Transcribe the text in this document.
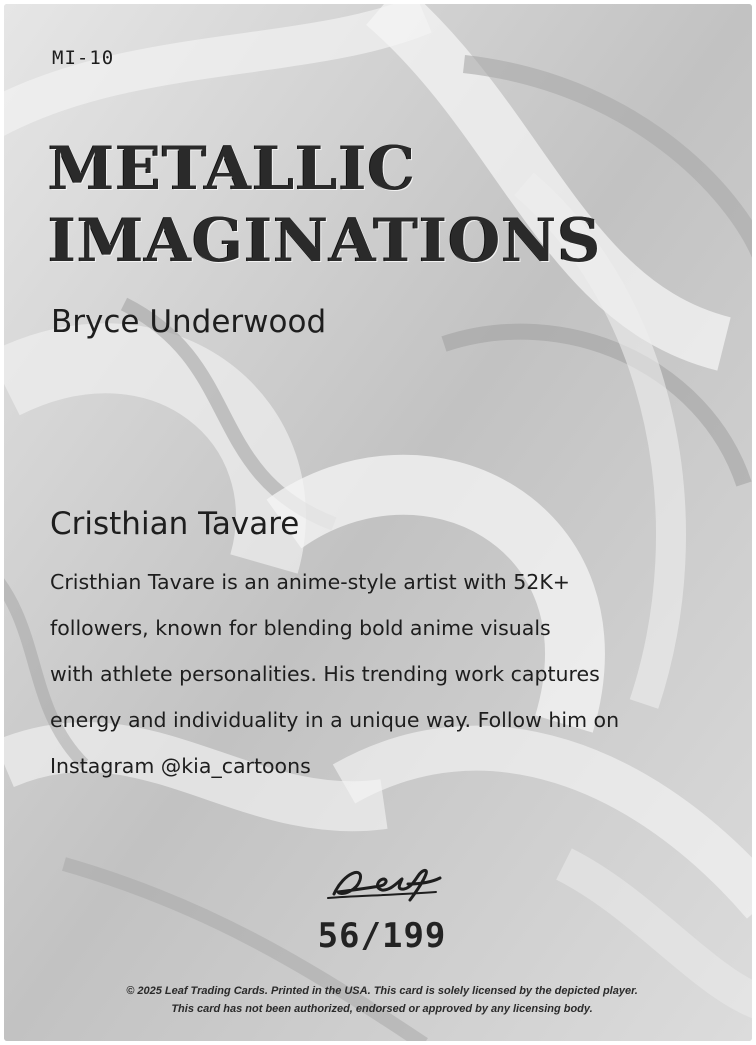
MI-10
METALLIC
IMAGINATIONS
Bryce Underwood
Cristhian Tavare
Cristhian Tavare is an anime-style artist with 52K+
followers, known for blending bold anime visuals
with athlete personalities. His trending work captures
energy and individuality in a unique way. Follow him on
Instagram @kia_cartoons
56/199
© 2025 Leaf Trading Cards. Printed in the USA. This card is solely licensed by the depicted player.
This card has not been authorized, endorsed or approved by any licensing body.
